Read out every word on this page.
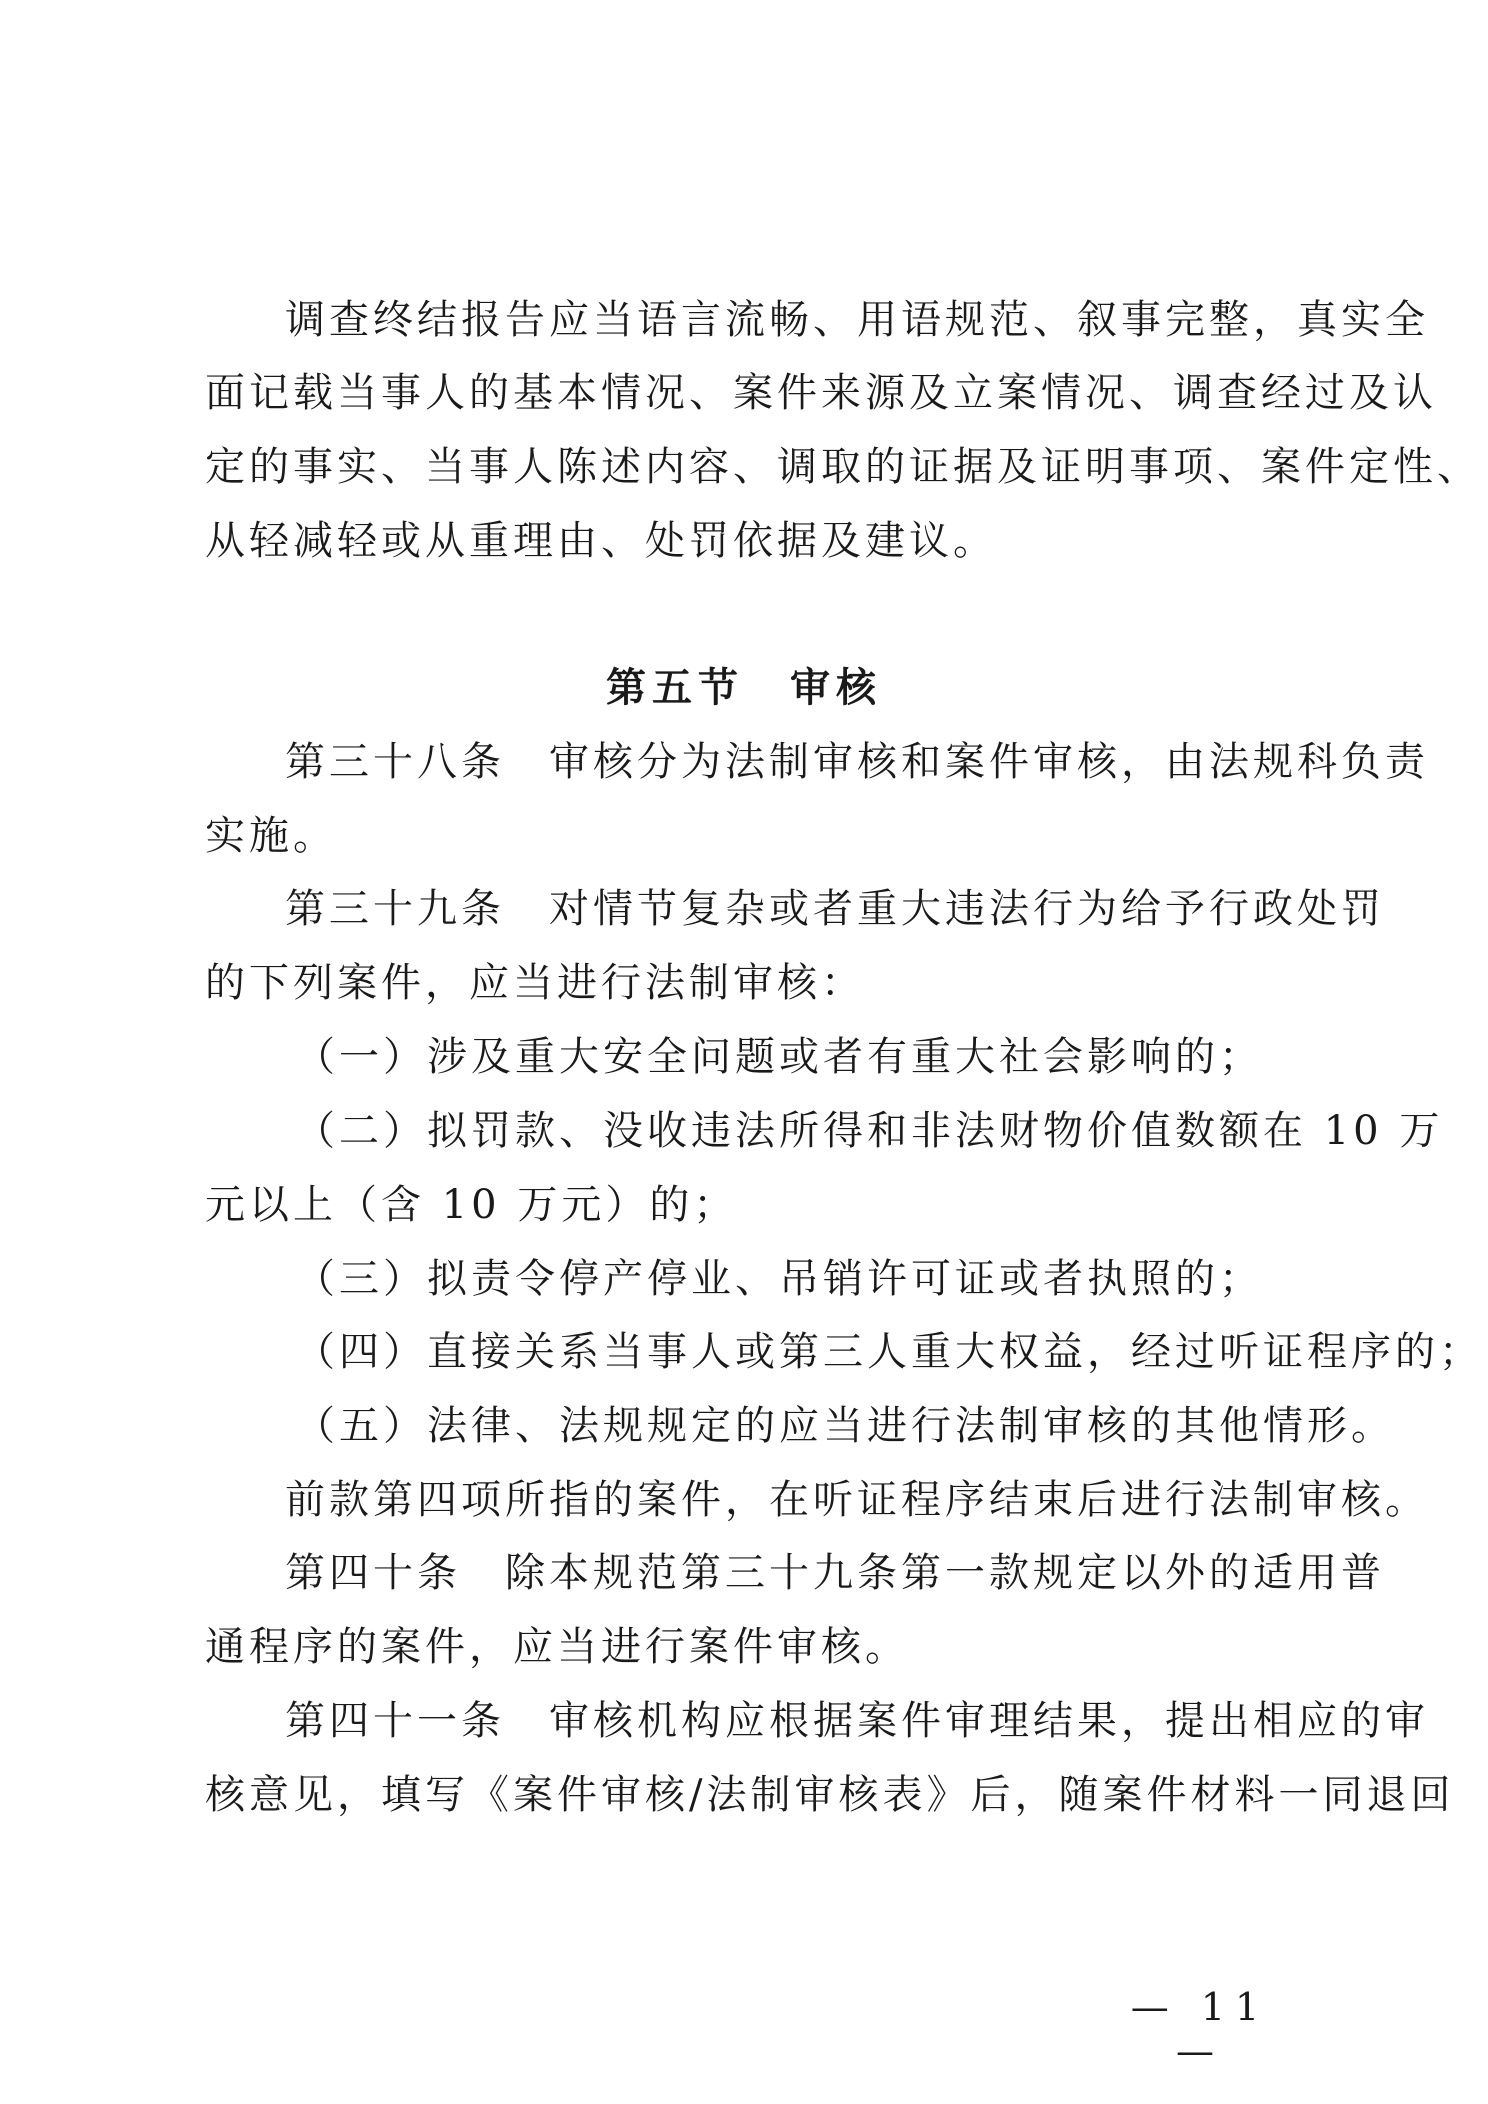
调查终结报告应当语言流畅、用语规范、叙事完整，真实全
面记载当事人的基本情况、案件来源及立案情况、调查经过及认
定的事实、当事人陈述内容、调取的证据及证明事项、案件定性、
从轻减轻或从重理由、处罚依据及建议。
第五节　审核
第三十八条　审核分为法制审核和案件审核，由法规科负责
实施。
第三十九条　对情节复杂或者重大违法行为给予行政处罚
的下列案件，应当进行法制审核：
（一）涉及重大安全问题或者有重大社会影响的；
（二）拟罚款、没收违法所得和非法财物价值数额在 10 万
元以上（含 10 万元）的；
（三）拟责令停产停业、吊销许可证或者执照的；
（四）直接关系当事人或第三人重大权益，经过听证程序的；
（五）法律、法规规定的应当进行法制审核的其他情形。
前款第四项所指的案件，在听证程序结束后进行法制审核。
第四十条　除本规范第三十九条第一款规定以外的适用普
通程序的案件，应当进行案件审核。
第四十一条　审核机构应根据案件审理结果，提出相应的审
核意见，填写《案件审核/法制审核表》后，随案件材料一同退回
— 11 —
